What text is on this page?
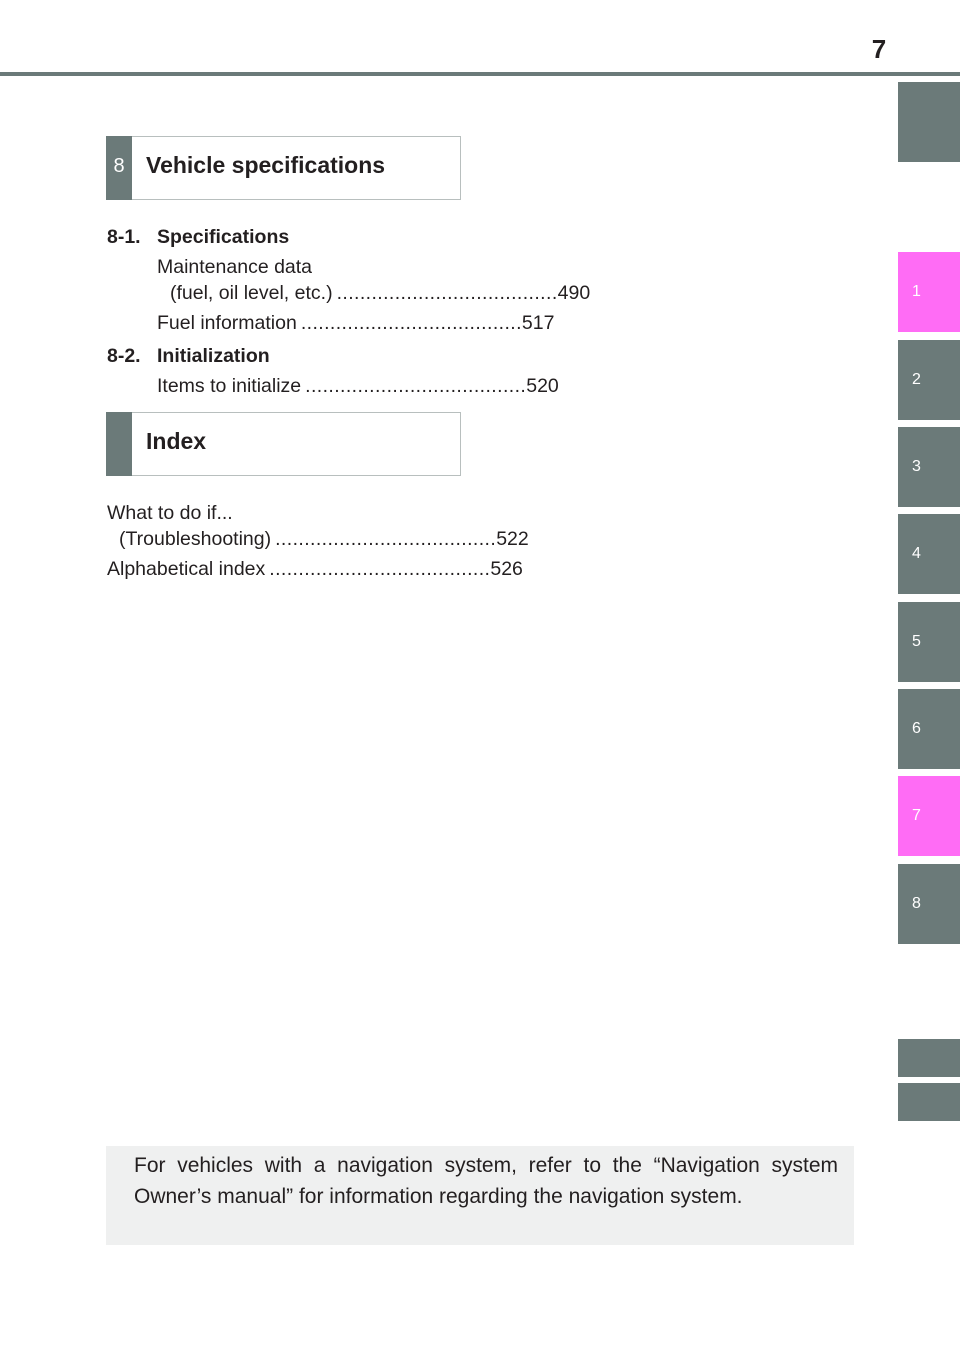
7
1
2
3
4
5
6
7
8
8 Vehicle specifications
8-1. Specifications
Maintenance data
(fuel, oil level, etc.) ...................................... 490
Fuel information ...................................... 517
8-2. Initialization
Items to initialize ...................................... 520
Index
What to do if...
(Troubleshooting) ...................................... 522
Alphabetical index ...................................... 526
For vehicles with a navigation system, refer to the “Navigation system Owner’s manual” for information regarding the navigation system.
